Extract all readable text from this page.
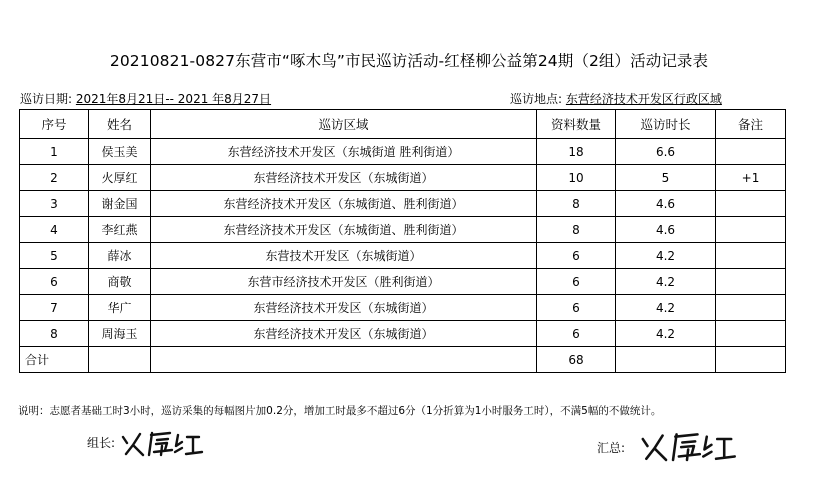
20210821-0827东营市“啄木鸟”市民巡访活动-红柽柳公益第24期（2组）活动记录表
巡访日期: 2021年8月21日-- 2021 年8月27日	巡访地点: 东营经济技术开发区行政区域
序号	姓名	巡访区域	资料数量	巡访时长	备注
1	侯玉美	东营经济技术开发区（东城街道 胜利街道）	18	6.6	
2	火厚红	东营经济技术开发区（东城街道）	10	5	+1
3	谢金国	东营经济技术开发区（东城街道、胜利街道）	8	4.6	
4	李红燕	东营经济技术开发区（东城街道、胜利街道）	8	4.6	
5	薛冰	东营技术开发区（东城街道）	6	4.2	
6	商敬	东营市经济技术开发区（胜利街道）	6	4.2	
7	华广	东营经济技术开发区（东城街道）	6	4.2	
8	周海玉	东营经济技术开发区（东城街道）	6	4.2	
合计			68		
说明：志愿者基础工时3小时，巡访采集的每幅图片加0.2分，增加工时最多不超过6分（1分折算为1小时服务工时），不满5幅的不做统计。
组长:	汇总:
